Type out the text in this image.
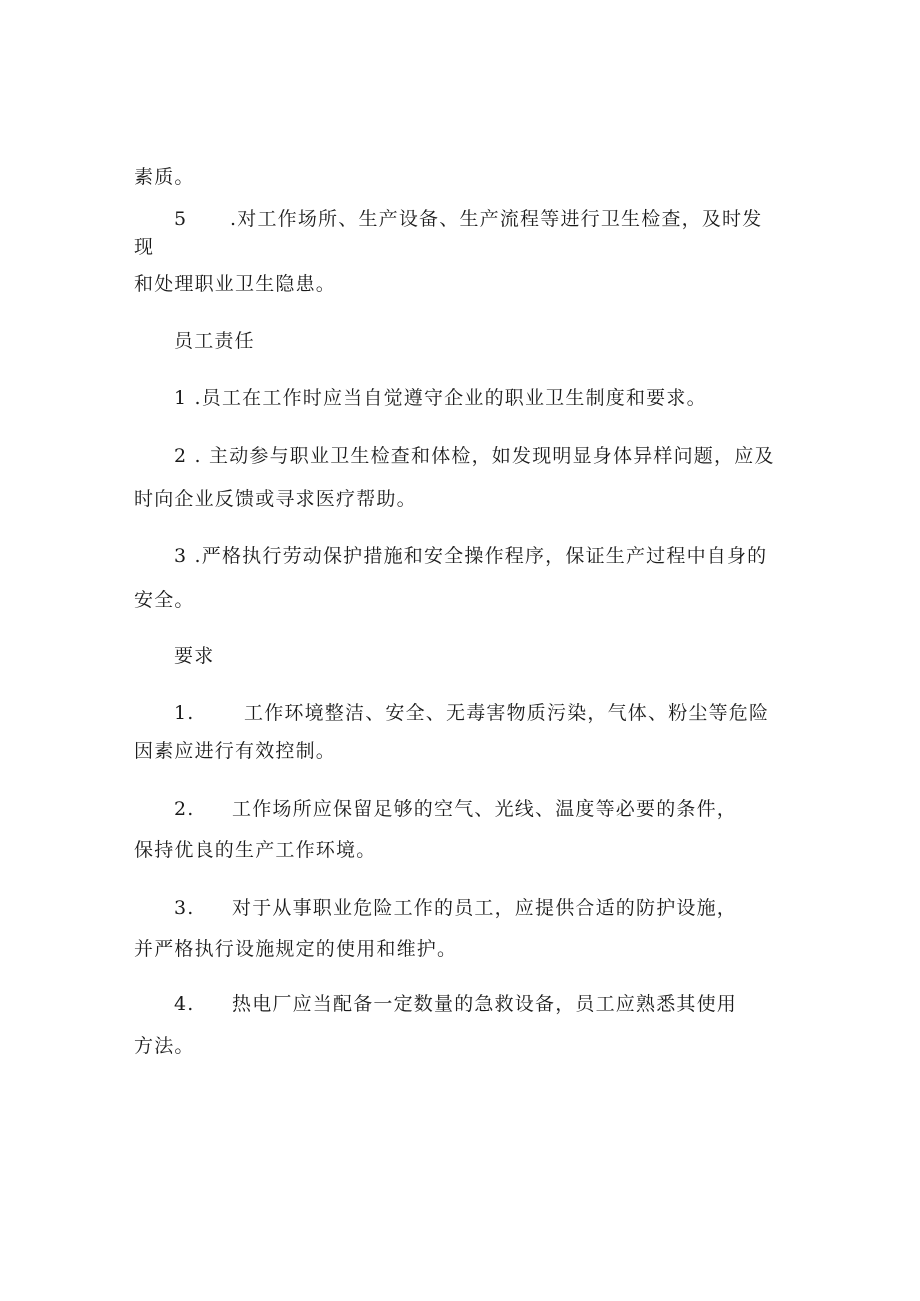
素质。
5 .对工作场所、生产设备、生产流程等进行卫生检查，及时发
现
和处理职业卫生隐患。
员工责任
1 .员工在工作时应当自觉遵守企业的职业卫生制度和要求。
2 . 主动参与职业卫生检查和体检，如发现明显身体异样问题，应及
时向企业反馈或寻求医疗帮助。
3 .严格执行劳动保护措施和安全操作程序，保证生产过程中自身的
安全。
要求
1.	工作环境整洁、安全、无毒害物质污染，气体、粉尘等危险
因素应进行有效控制。
2. 工作场所应保留足够的空气、光线、温度等必要的条件，
保持优良的生产工作环境。
3. 对于从事职业危险工作的员工，应提供合适的防护设施，
并严格执行设施规定的使用和维护。
4. 热电厂应当配备一定数量的急救设备，员工应熟悉其使用
方法。
